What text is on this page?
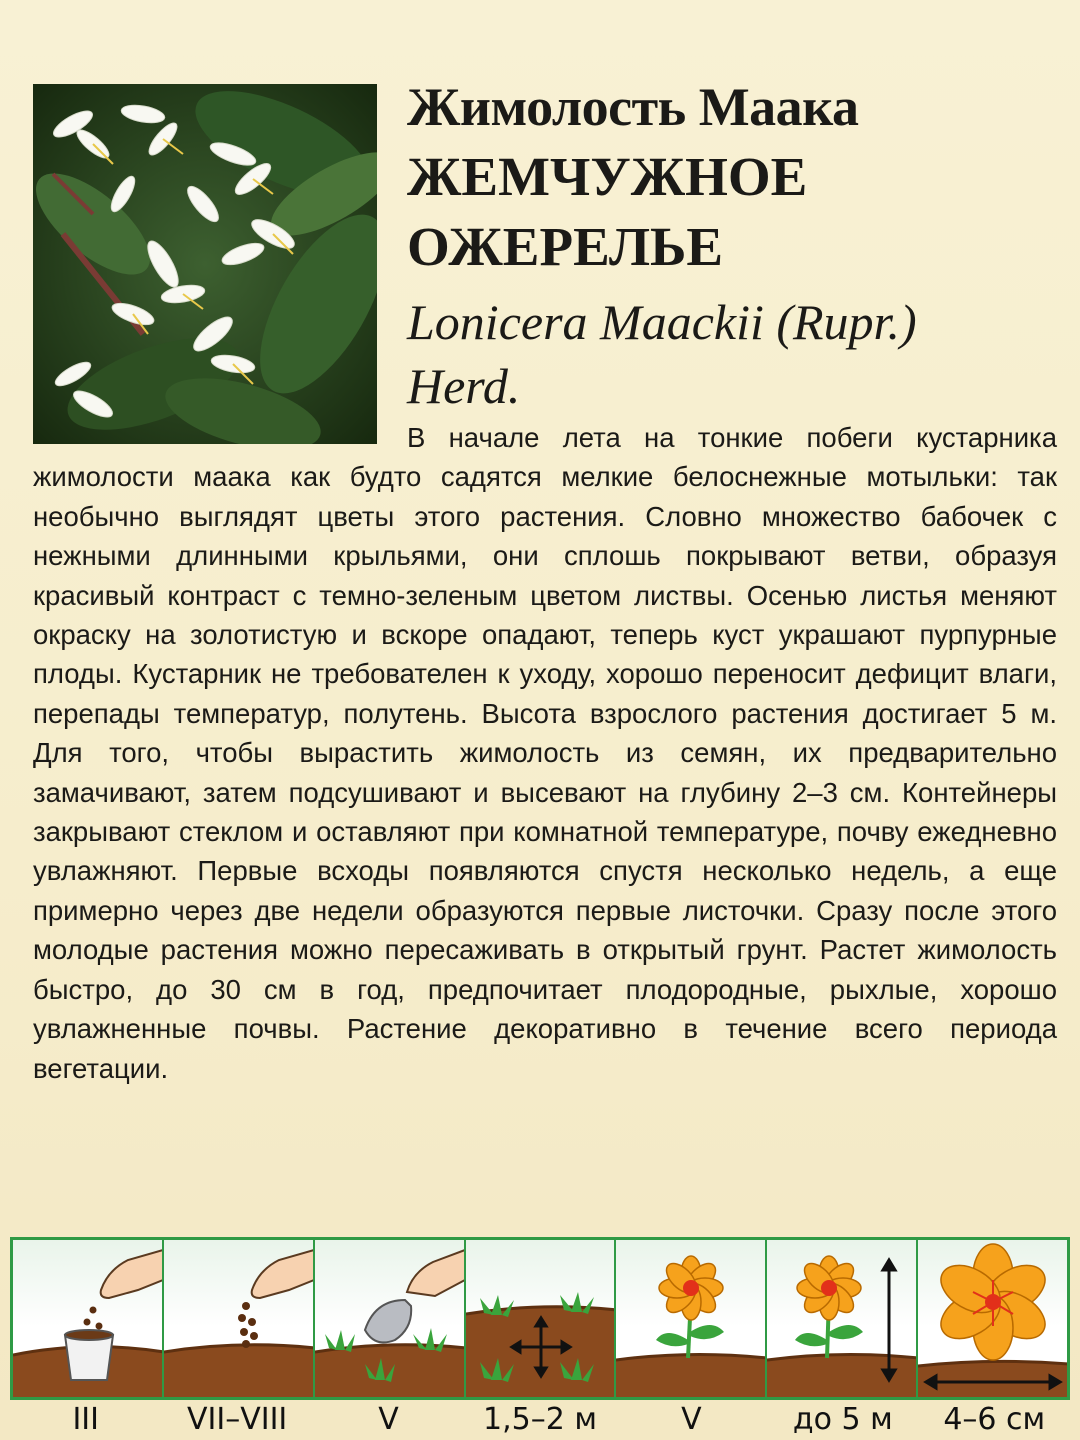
Жимолость Маака
ЖЕМЧУЖНОЕ
ОЖЕРЕЛЬЕ
Lonicera Maackii (Rupr.)
Herd.
В начале лета на тонкие побеги кустарника жимолости маака как будто садятся мелкие белоснежные мотыльки: так необычно выглядят цветы этого растения. Словно множество бабочек с нежными длинными крыльями, они сплошь покрывают ветви, образуя красивый контраст с темно-зеленым цветом листвы. Осенью листья меняют окраску на золотистую и вскоре опадают, теперь куст украшают пурпурные плоды. Кустарник не требователен к уходу, хорошо переносит дефицит влаги, перепады температур, полутень. Высота взрослого растения достигает 5 м. Для того, чтобы вырастить жимолость из семян, их предварительно замачивают, затем подсушивают и высевают на глубину 2–3 см. Контейнеры закрывают стеклом и оставляют при комнатной температуре, почву ежедневно увлажняют. Первые всходы появляются спустя несколько недель, а еще примерно через две недели образуются первые листочки. Сразу после этого молодые растения можно пересаживать в открытый грунт. Растет жимолость быстро, до 30 см в год, предпочитает плодородные, рыхлые, хорошо увлажненные почвы. Растение декоративно в течение всего периода вегетации.
III	VII–VIII	V	1,5–2 м	V	до 5 м	4–6 см
